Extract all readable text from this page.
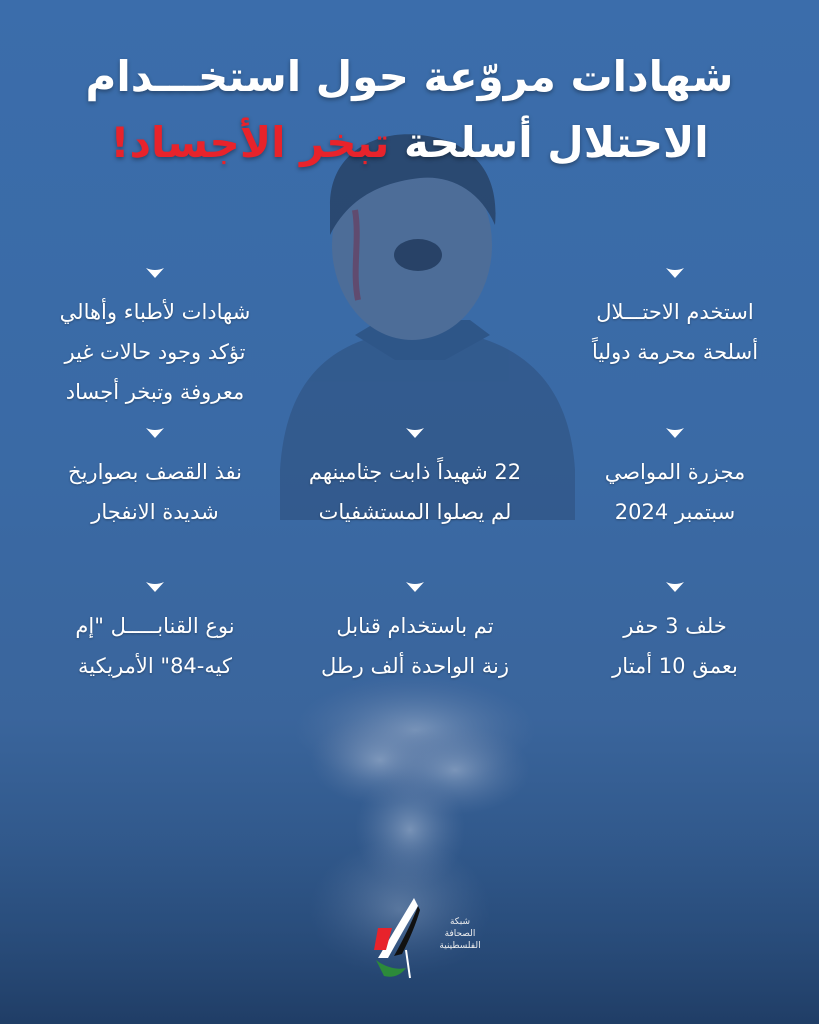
شهادات مروّعة حول استخـــدام
الاحتلال أسلحة تبخر الأجساد!

استخدم الاحتـــلال

أسلحة محرمة دولياً

شهادات لأطباء وأهالي

تؤكد وجود حالات غير

معروفة وتبخر أجساد

مجزرة المواصي

سبتمبر 2024

22 شهيداً ذابت جثامينهم

لم يصلوا المستشفيات

نفذ القصف بصواريخ

شديدة الانفجار

خلف 3 حفر

بعمق 10 أمتار

تم باستخدام قنابل

زنة الواحدة ألف رطل

نوع القنابـــــل "إم

كيه-84" الأمريكية

شبكة
الصحافة
الفلسطينية
